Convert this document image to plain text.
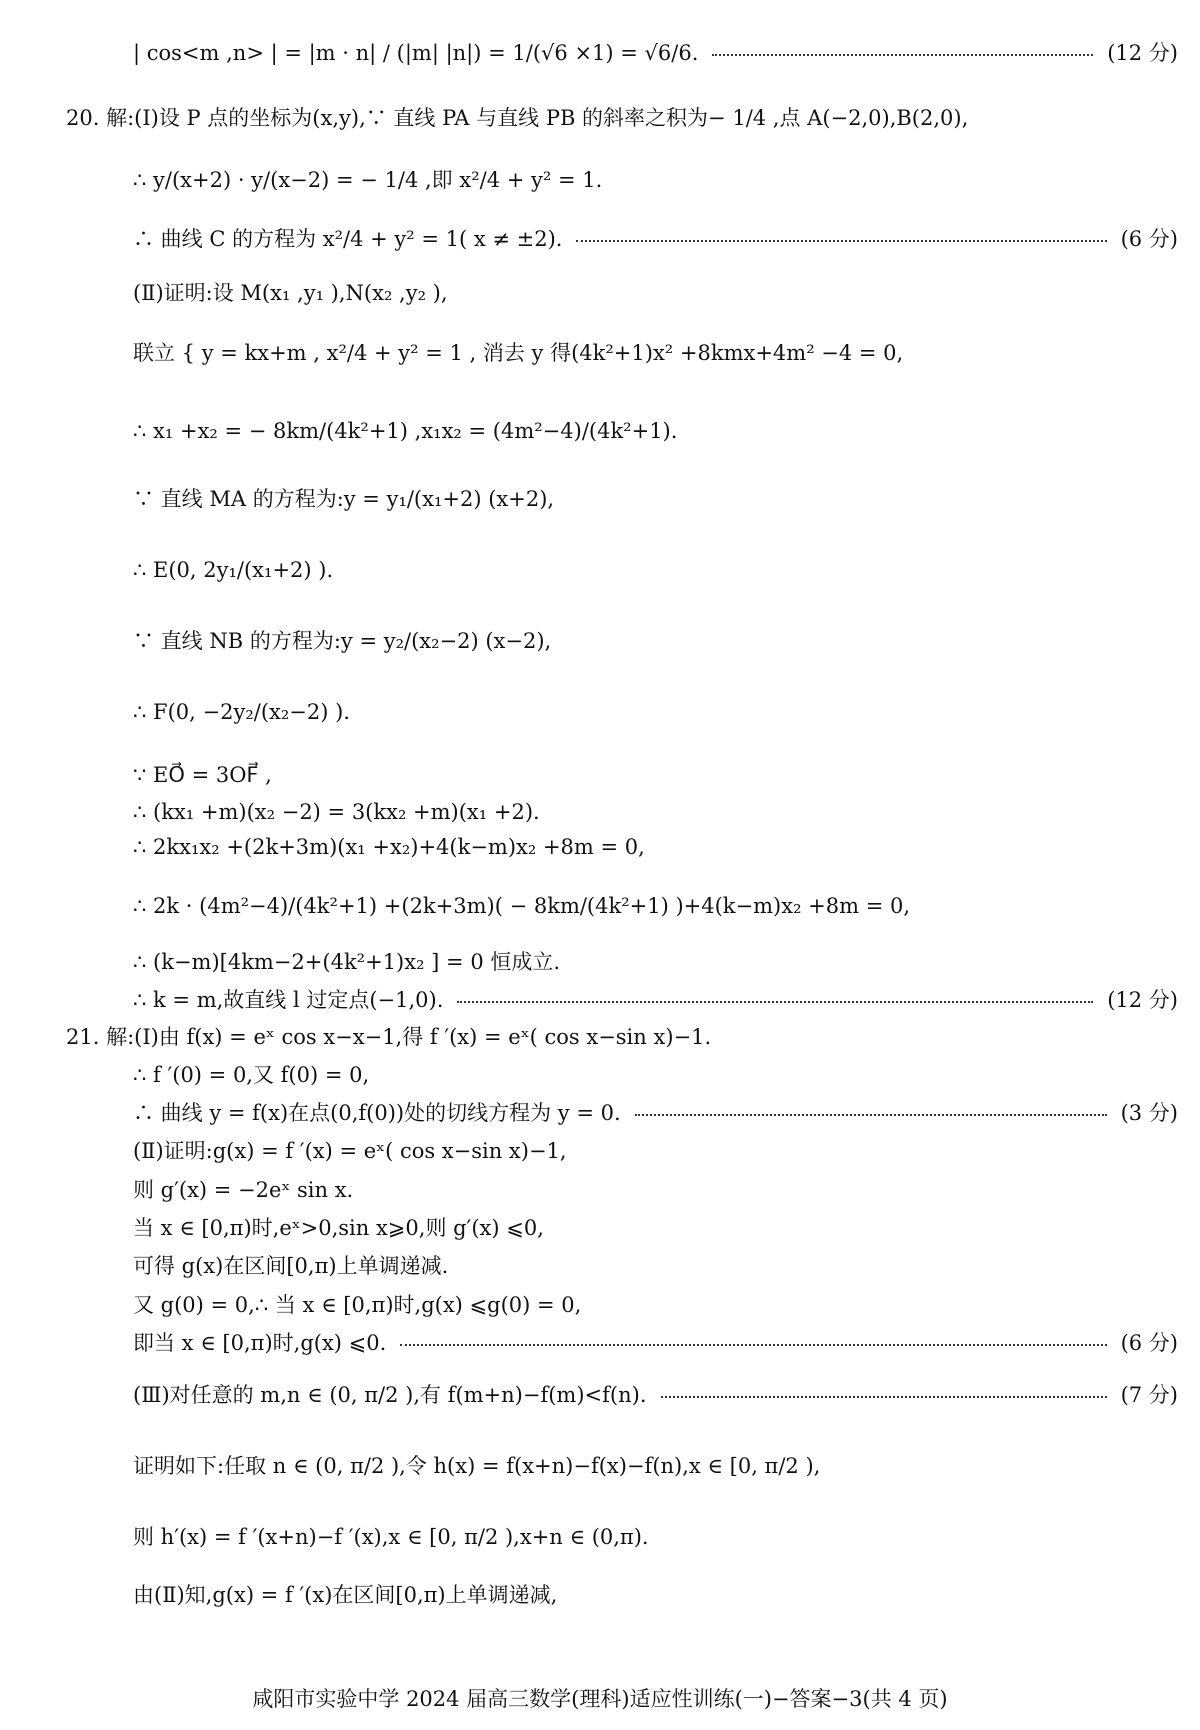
| cos<m ,n> | = |m · n| / (|m| |n|) = 1/(√6 ×1) = √6/6.	(12 分)
20. 解:(Ⅰ)设 P 点的坐标为(x,y),∵ 直线 PA 与直线 PB 的斜率之积为− 1/4 ,点 A(−2,0),B(2,0),
∴ y/(x+2) · y/(x−2) = − 1/4 ,即 x²/4 + y² = 1.
∴ 曲线 C 的方程为 x²/4 + y² = 1( x ≠ ±2).	(6 分)
(Ⅱ)证明:设 M(x₁ ,y₁ ),N(x₂ ,y₂ ),
联立 { y = kx+m , x²/4 + y² = 1 , 消去 y 得(4k²+1)x² +8kmx+4m² −4 = 0,
∴ x₁ +x₂ = − 8km/(4k²+1) ,x₁x₂ = (4m²−4)/(4k²+1).
∵ 直线 MA 的方程为:y = y₁/(x₁+2) (x+2),
∴ E(0, 2y₁/(x₁+2) ).
∵ 直线 NB 的方程为:y = y₂/(x₂−2) (x−2),
∴ F(0, −2y₂/(x₂−2) ).
∵ EO⃗ = 3OF⃗ ,
∴ (kx₁ +m)(x₂ −2) = 3(kx₂ +m)(x₁ +2).
∴ 2kx₁x₂ +(2k+3m)(x₁ +x₂)+4(k−m)x₂ +8m = 0,
∴ 2k · (4m²−4)/(4k²+1) +(2k+3m)( − 8km/(4k²+1) )+4(k−m)x₂ +8m = 0,
∴ (k−m)[4km−2+(4k²+1)x₂ ] = 0 恒成立.
∴ k = m,故直线 l 过定点(−1,0).	(12 分)
21. 解:(Ⅰ)由 f(x) = eˣ cos x−x−1,得 f ′(x) = eˣ( cos x−sin x)−1.
∴ f ′(0) = 0,又 f(0) = 0,
∴ 曲线 y = f(x)在点(0,f(0))处的切线方程为 y = 0.	(3 分)
(Ⅱ)证明:g(x) = f ′(x) = eˣ( cos x−sin x)−1,
则 g′(x) = −2eˣ sin x.
当 x ∈ [0,π)时,eˣ>0,sin x⩾0,则 g′(x) ⩽0,
可得 g(x)在区间[0,π)上单调递减.
又 g(0) = 0,∴ 当 x ∈ [0,π)时,g(x) ⩽g(0) = 0,
即当 x ∈ [0,π)时,g(x) ⩽0.	(6 分)
(Ⅲ)对任意的 m,n ∈ (0, π/2 ),有 f(m+n)−f(m)<f(n).	(7 分)
证明如下:任取 n ∈ (0, π/2 ),令 h(x) = f(x+n)−f(x)−f(n),x ∈ [0, π/2 ),
则 h′(x) = f ′(x+n)−f ′(x),x ∈ [0, π/2 ),x+n ∈ (0,π).
由(Ⅱ)知,g(x) = f ′(x)在区间[0,π)上单调递减,
咸阳市实验中学 2024 届高三数学(理科)适应性训练(一)−答案−3(共 4 页)
